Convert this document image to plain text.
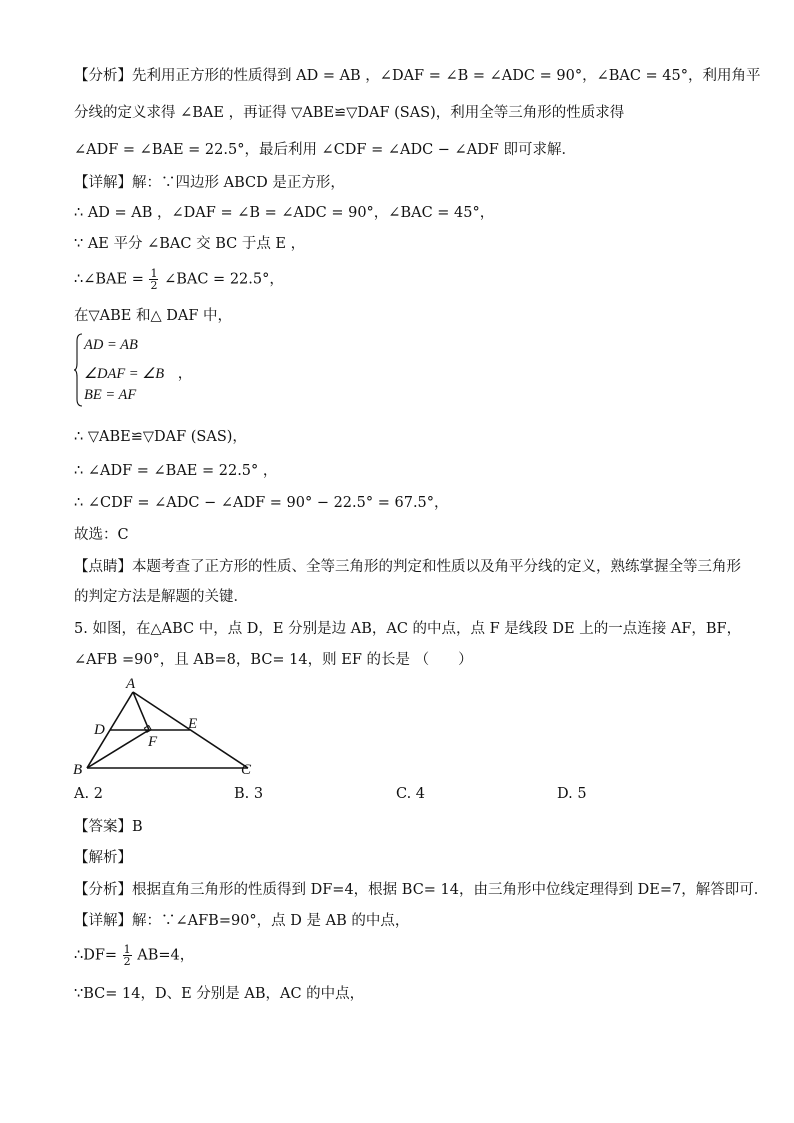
【分析】先利用正方形的性质得到 AD = AB ，∠DAF = ∠B = ∠ADC = 90°，∠BAC = 45°，利用角平
分线的定义求得 ∠BAE ，再证得 ▽ABE≌▽DAF (SAS)，利用全等三角形的性质求得
∠ADF = ∠BAE = 22.5°，最后利用 ∠CDF = ∠ADC − ∠ADF 即可求解．
【详解】解：∵四边形 ABCD 是正方形，
∴ AD = AB ，∠DAF = ∠B = ∠ADC = 90°，∠BAC = 45°，
∵ AE 平分 ∠BAC 交 BC 于点 E ，
∴∠BAE = $\frac{1}{2}$ ∠BAC = 22.5°，
在▽ABE 和△ DAF 中，
AD = AB
∠DAF = ∠B ，
BE = AF
∴ ▽ABE≌▽DAF (SAS)，
∴ ∠ADF = ∠BAE = 22.5° ，
∴ ∠CDF = ∠ADC − ∠ADF = 90° − 22.5° = 67.5°，
故选：C
【点睛】本题考查了正方形的性质、全等三角形的判定和性质以及角平分线的定义，熟练掌握全等三角形
的判定方法是解题的关键．
5. 如图，在△ABC 中，点 D，E 分别是边 AB，AC 的中点，点 F 是线段 DE 上的一点连接 AF，BF，
∠AFB =90°，且 AB=8，BC= 14，则 EF 的长是 （　　）
A
D	E
F
B	C
A. 2	B. 3	C. 4	D. 5
【答案】B
【解析】
【分析】根据直角三角形的性质得到 DF=4，根据 BC= 14，由三角形中位线定理得到 DE=7，解答即可．
【详解】解：∵∠AFB=90°，点 D 是 AB 的中点，
∴DF= $\frac{1}{2} AB=4$，
∵BC= 14，D、E 分别是 AB，AC 的中点，
